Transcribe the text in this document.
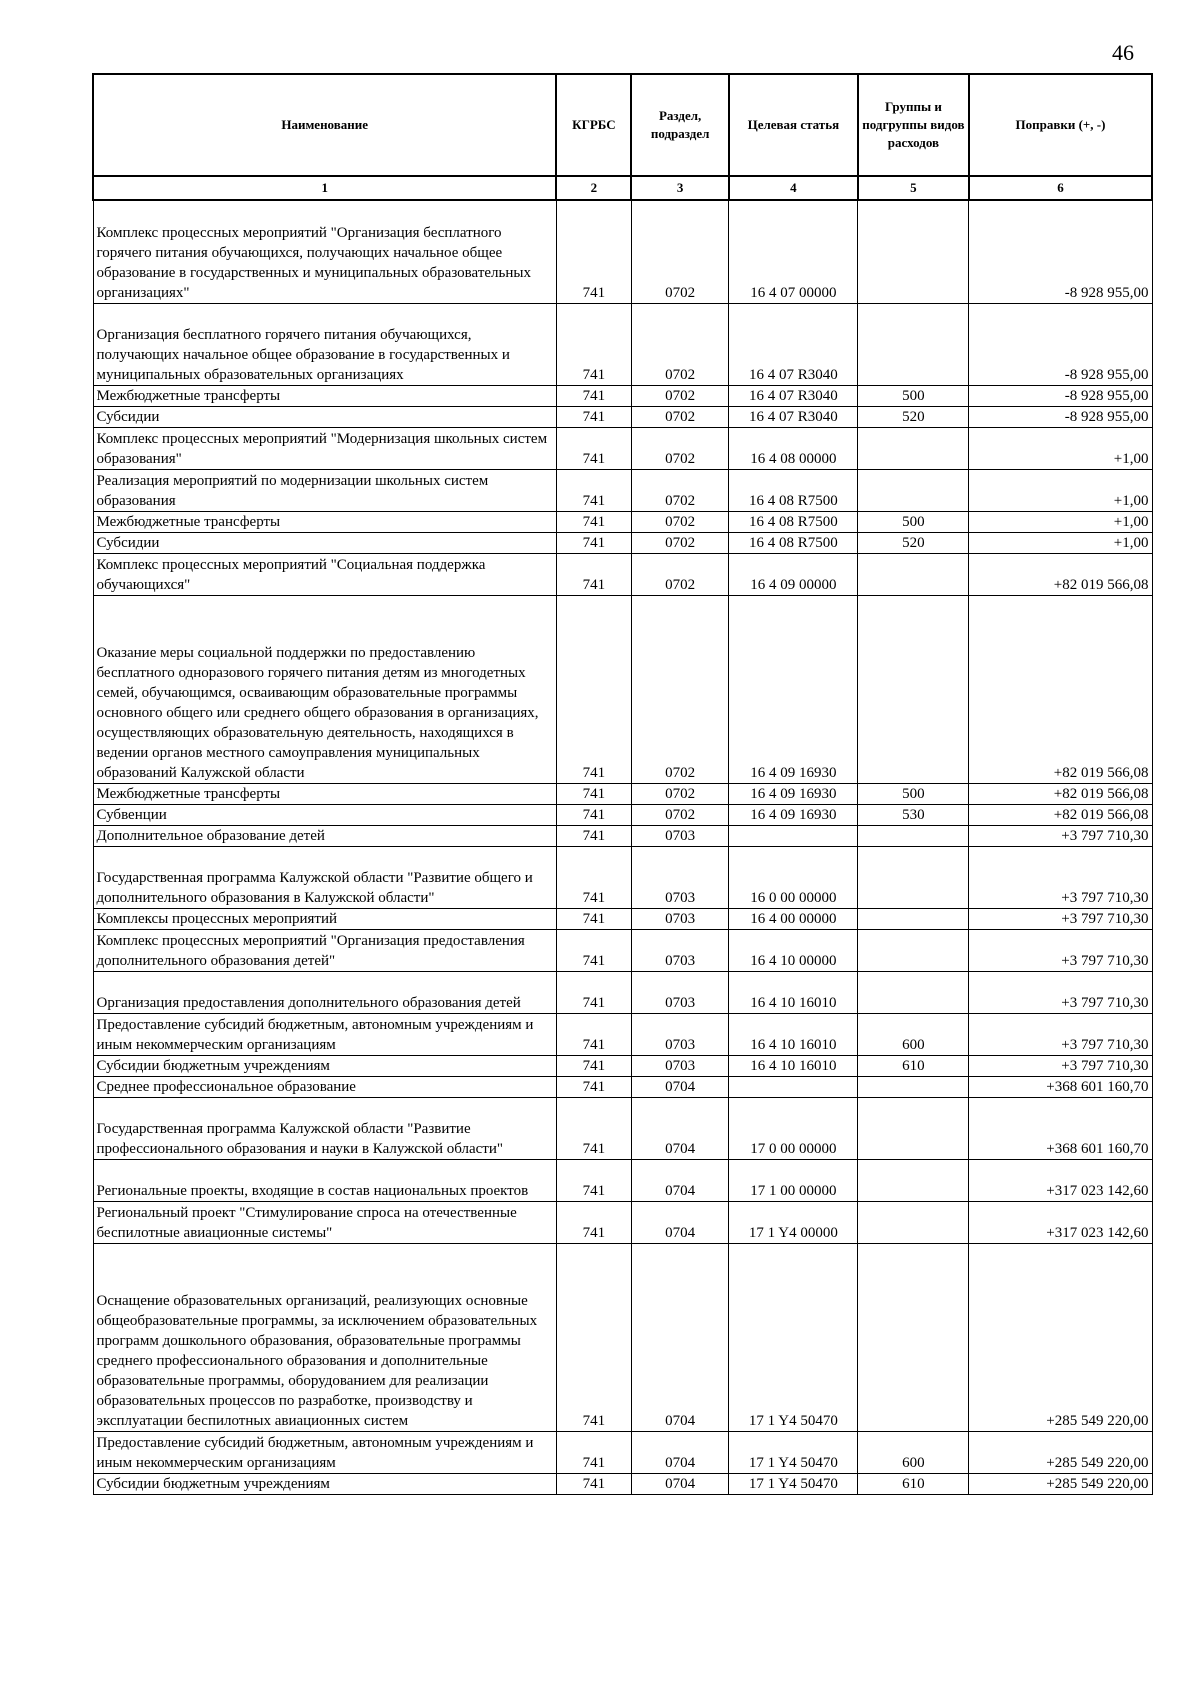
46
Наименование	КГРБС	Раздел, подраздел	Целевая статья	Группы и подгруппы видов расходов	Поправки (+, -)
1	2	3	4	5	6
Комплекс процессных мероприятий "Организация бесплатного горячего питания обучающихся, получающих начальное общее образование в государственных и муниципальных образовательных организациях"	741	0702	16 4 07 00000		-8 928 955,00
Организация бесплатного горячего питания обучающихся, получающих начальное общее образование в государственных и муниципальных образовательных организациях	741	0702	16 4 07 R3040		-8 928 955,00
Межбюджетные трансферты	741	0702	16 4 07 R3040	500	-8 928 955,00
Субсидии	741	0702	16 4 07 R3040	520	-8 928 955,00
Комплекс процессных мероприятий "Модернизация школьных систем образования"	741	0702	16 4 08 00000		+1,00
Реализация мероприятий по модернизации школьных систем образования	741	0702	16 4 08 R7500		+1,00
Межбюджетные трансферты	741	0702	16 4 08 R7500	500	+1,00
Субсидии	741	0702	16 4 08 R7500	520	+1,00
Комплекс процессных мероприятий "Социальная поддержка обучающихся"	741	0702	16 4 09 00000		+82 019 566,08
Оказание меры социальной поддержки по предоставлению бесплатного одноразового горячего питания детям из многодетных семей, обучающимся, осваивающим образовательные программы основного общего или среднего общего образования в организациях, осуществляющих образовательную деятельность, находящихся в ведении органов местного самоуправления муниципальных образований Калужской области	741	0702	16 4 09 16930		+82 019 566,08
Межбюджетные трансферты	741	0702	16 4 09 16930	500	+82 019 566,08
Субвенции	741	0702	16 4 09 16930	530	+82 019 566,08
Дополнительное образование детей	741	0703			+3 797 710,30
Государственная программа Калужской области "Развитие общего и дополнительного образования в Калужской области"	741	0703	16 0 00 00000		+3 797 710,30
Комплексы процессных мероприятий	741	0703	16 4 00 00000		+3 797 710,30
Комплекс процессных мероприятий "Организация предоставления дополнительного образования детей"	741	0703	16 4 10 00000		+3 797 710,30
Организация предоставления дополнительного образования детей	741	0703	16 4 10 16010		+3 797 710,30
Предоставление субсидий бюджетным, автономным учреждениям и иным некоммерческим организациям	741	0703	16 4 10 16010	600	+3 797 710,30
Субсидии бюджетным учреждениям	741	0703	16 4 10 16010	610	+3 797 710,30
Среднее профессиональное образование	741	0704			+368 601 160,70
Государственная программа Калужской области "Развитие профессионального образования и науки в Калужской области"	741	0704	17 0 00 00000		+368 601 160,70
Региональные проекты, входящие в состав национальных проектов	741	0704	17 1 00 00000		+317 023 142,60
Региональный проект "Стимулирование спроса на отечественные беспилотные авиационные системы"	741	0704	17 1 Y4 00000		+317 023 142,60
Оснащение образовательных организаций, реализующих основные общеобразовательные программы, за исключением образовательных программ дошкольного образования, образовательные программы среднего профессионального образования и дополнительные образовательные программы, оборудованием для реализации образовательных процессов по разработке, производству и эксплуатации беспилотных авиационных систем	741	0704	17 1 Y4 50470		+285 549 220,00
Предоставление субсидий бюджетным, автономным учреждениям и иным некоммерческим организациям	741	0704	17 1 Y4 50470	600	+285 549 220,00
Субсидии бюджетным учреждениям	741	0704	17 1 Y4 50470	610	+285 549 220,00
